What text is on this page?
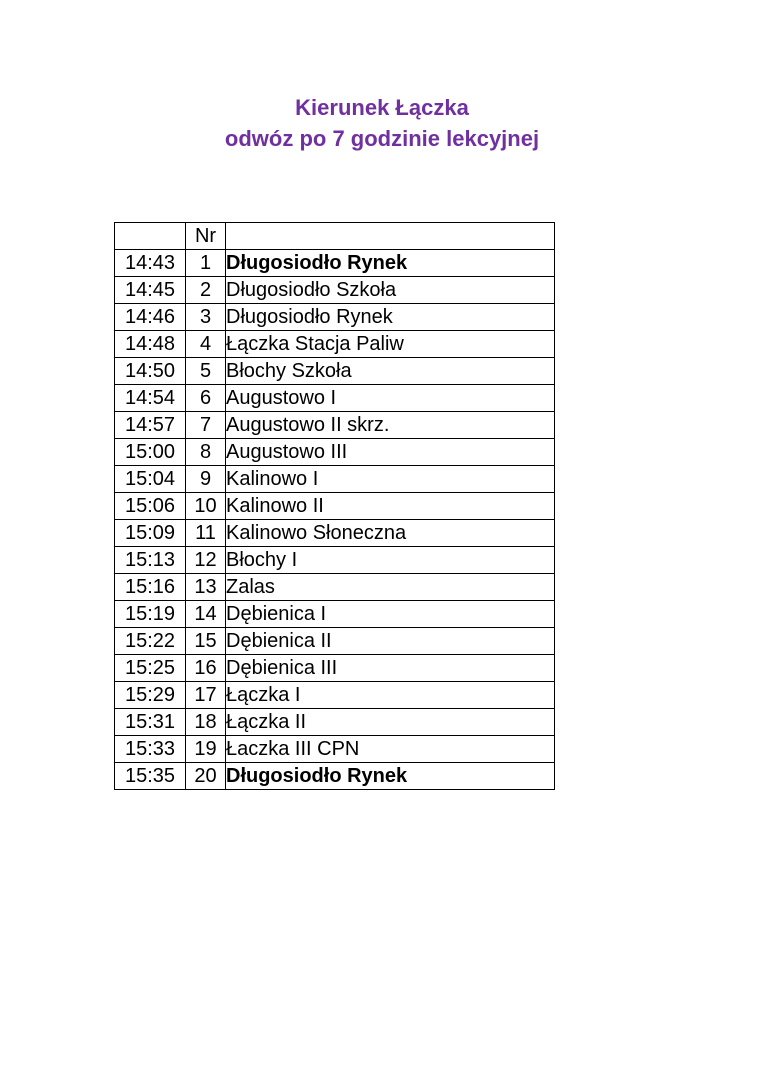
Kierunek Łączka
odwóz po 7 godzinie lekcyjnej
	Nr	
14:43	1	Długosiodło Rynek
14:45	2	Długosiodło Szkoła
14:46	3	Długosiodło Rynek
14:48	4	Łączka Stacja Paliw
14:50	5	Błochy Szkoła
14:54	6	Augustowo I
14:57	7	Augustowo II skrz.
15:00	8	Augustowo III
15:04	9	Kalinowo I
15:06	10	Kalinowo II
15:09	11	Kalinowo Słoneczna
15:13	12	Błochy I
15:16	13	Zalas
15:19	14	Dębienica I
15:22	15	Dębienica II
15:25	16	Dębienica III
15:29	17	Łączka I
15:31	18	Łączka II
15:33	19	Łaczka III CPN
15:35	20	Długosiodło Rynek
